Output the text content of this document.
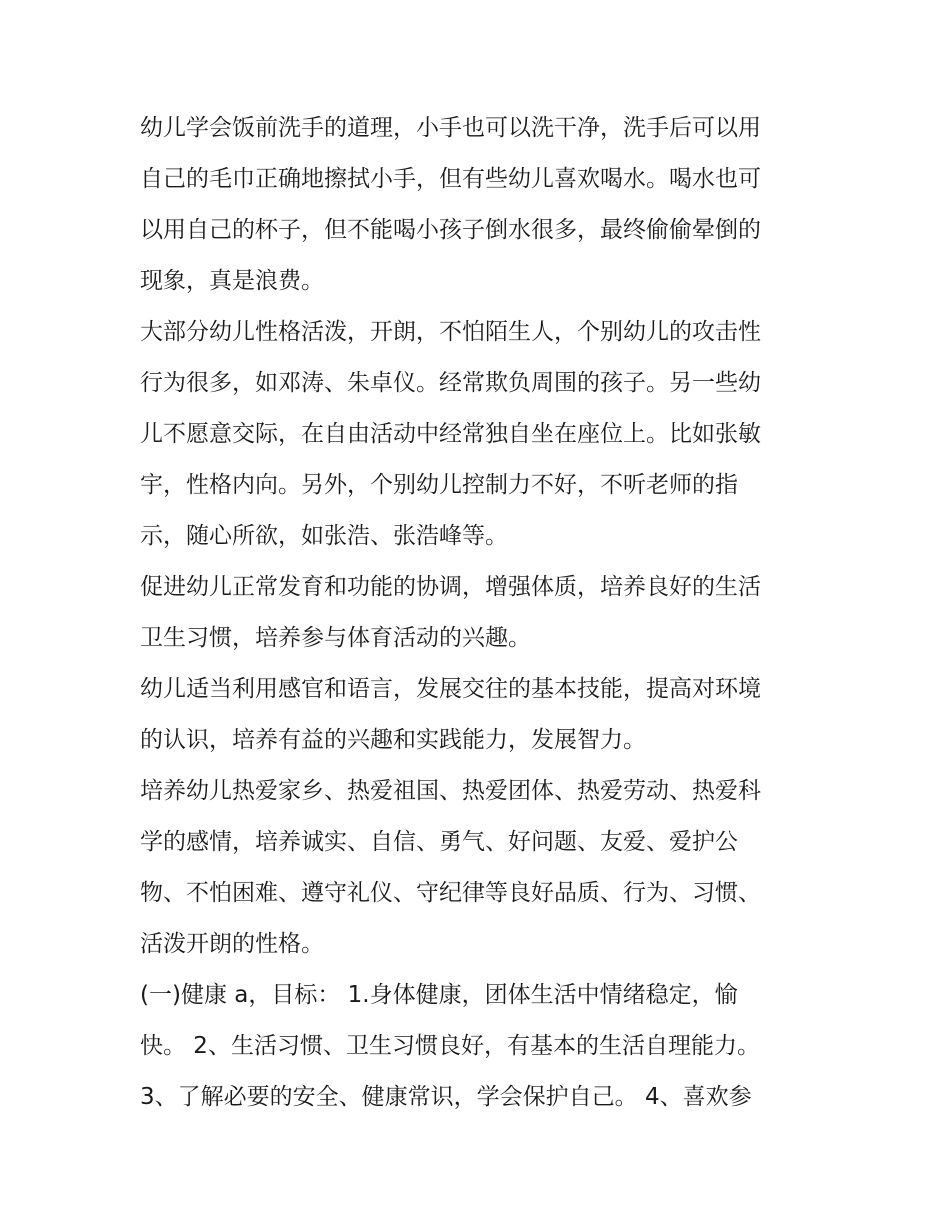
幼儿学会饭前洗手的道理，小手也可以洗干净，洗手后可以用
自己的毛巾正确地擦拭小手，但有些幼儿喜欢喝水。喝水也可
以用自己的杯子，但不能喝小孩子倒水很多，最终偷偷晕倒的
现象，真是浪费。
大部分幼儿性格活泼，开朗，不怕陌生人，个别幼儿的攻击性
行为很多，如邓涛、朱卓仪。经常欺负周围的孩子。另一些幼
儿不愿意交际，在自由活动中经常独自坐在座位上。比如张敏
宇，性格内向。另外，个别幼儿控制力不好，不听老师的指
示，随心所欲，如张浩、张浩峰等。
促进幼儿正常发育和功能的协调，增强体质，培养良好的生活
卫生习惯，培养参与体育活动的兴趣。
幼儿适当利用感官和语言，发展交往的基本技能，提高对环境
的认识，培养有益的兴趣和实践能力，发展智力。
培养幼儿热爱家乡、热爱祖国、热爱团体、热爱劳动、热爱科
学的感情，培养诚实、自信、勇气、好问题、友爱、爱护公
物、不怕困难、遵守礼仪、守纪律等良好品质、行为、习惯、
活泼开朗的性格。
(一)健康 a，目标： 1.身体健康，团体生活中情绪稳定，愉
快。 2、生活习惯、卫生习惯良好，有基本的生活自理能力。
3、了解必要的安全、健康常识，学会保护自己。 4、喜欢参
